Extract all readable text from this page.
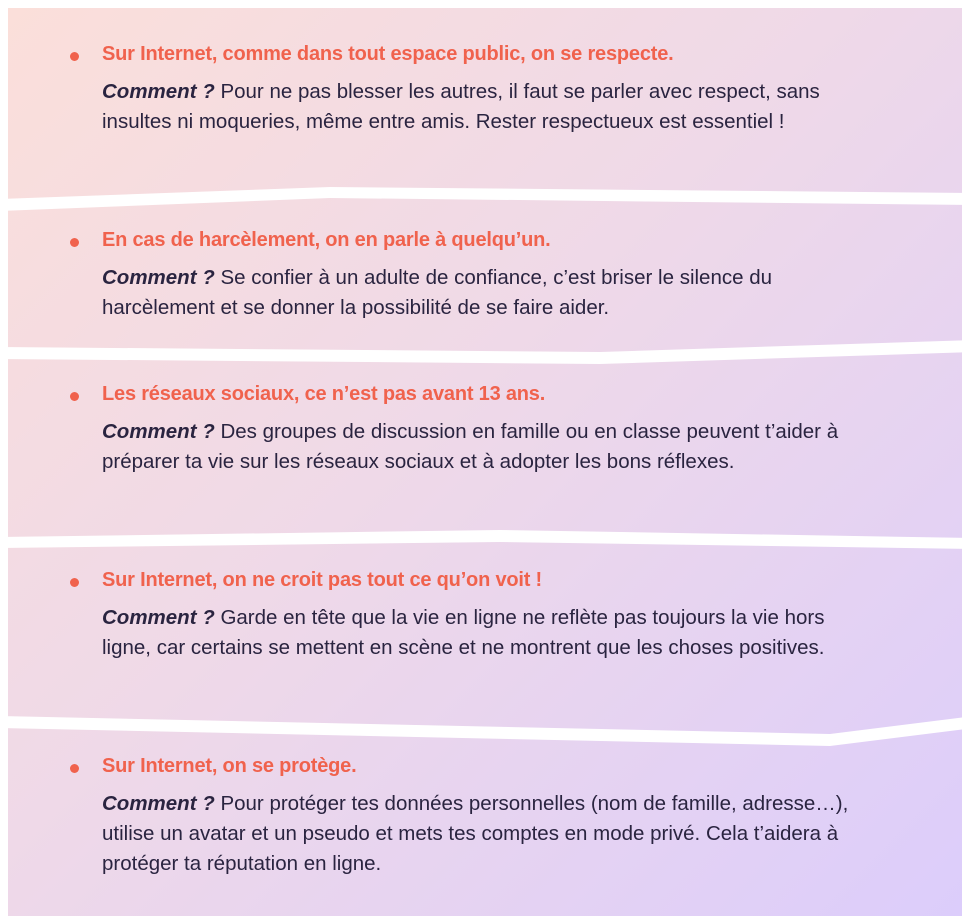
Sur Internet, comme dans tout espace public, on se respecte.
Comment ? Pour ne pas blesser les autres, il faut se parler avec respect, sans insultes ni moqueries, même entre amis. Rester respectueux est essentiel !
En cas de harcèlement, on en parle à quelqu’un.
Comment ? Se confier à un adulte de confiance, c’est briser le silence du harcèlement et se donner la possibilité de se faire aider.
Les réseaux sociaux, ce n’est pas avant 13 ans.
Comment ? Des groupes de discussion en famille ou en classe peuvent t’aider à préparer ta vie sur les réseaux sociaux et à adopter les bons réflexes.
Sur Internet, on ne croit pas tout ce qu’on voit !
Comment ? Garde en tête que la vie en ligne ne reflète pas toujours la vie hors ligne, car certains se mettent en scène et ne montrent que les choses positives.
Sur Internet, on se protège.
Comment ? Pour protéger tes données personnelles (nom de famille, adresse…), utilise un avatar et un pseudo et mets tes comptes en mode privé. Cela t’aidera à protéger ta réputation en ligne.
